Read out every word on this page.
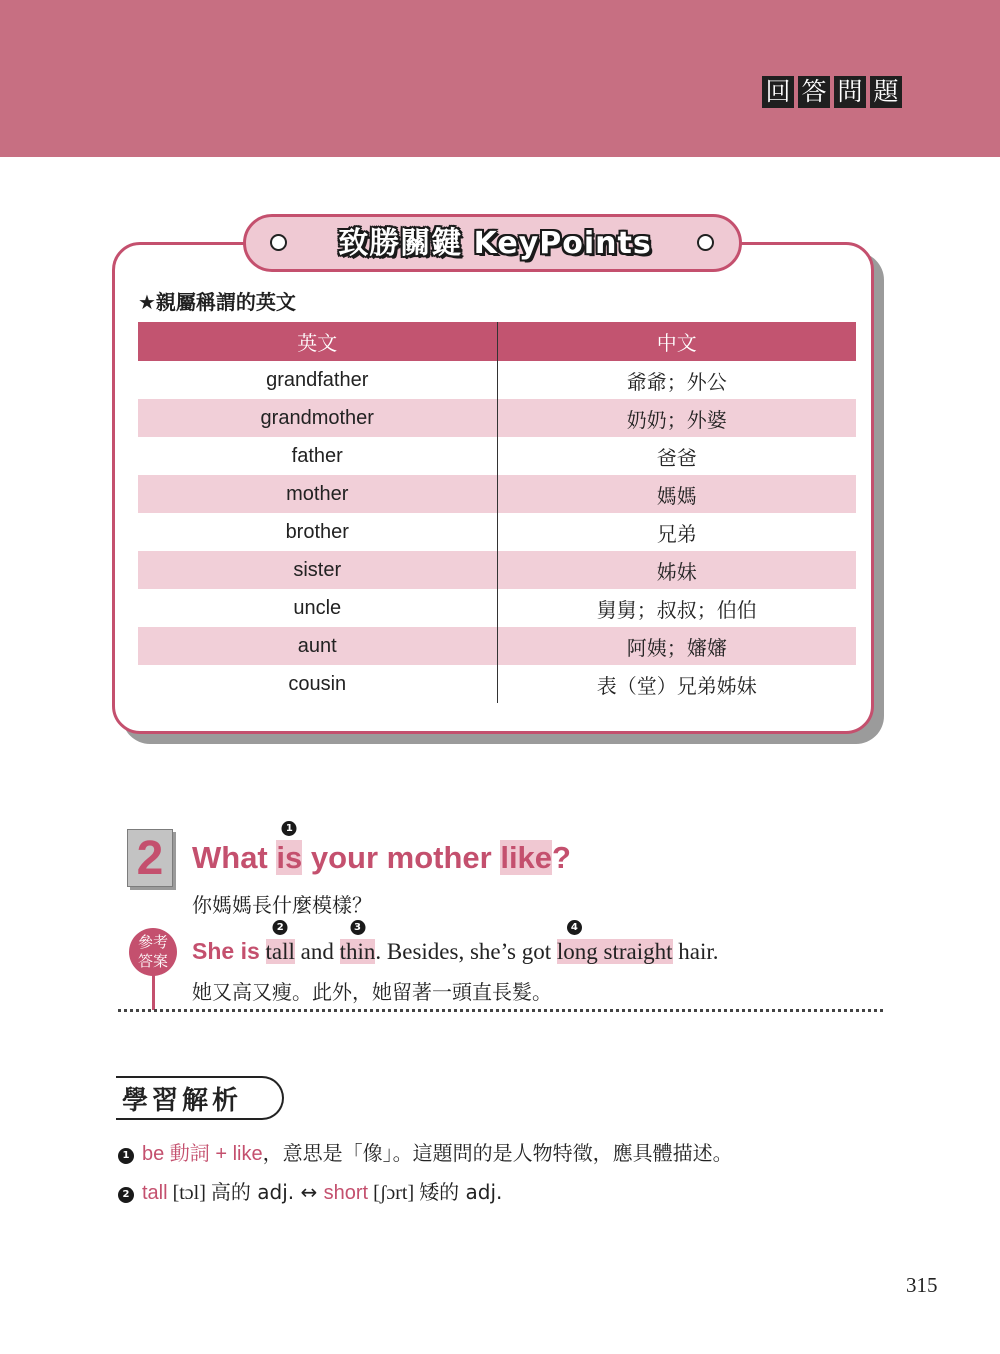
回 答 問 題
致勝關鍵 KeyPoints
★親屬稱謂的英文
英文	中文
grandfather	爺爺；外公
grandmother	奶奶；外婆
father	爸爸
mother	媽媽
brother	兄弟
sister	姊妹
uncle	舅舅；叔叔；伯伯
aunt	阿姨；嬸嬸
cousin	表（堂）兄弟姊妹
2 What
1
is your mother like?
你媽媽長什麼模樣？
參考
答案	She is
2
tall and
3
thin. Besides, she’s got
4
long straight hair.
她又高又瘦。此外，她留著一頭直長髮。
學習解析
1 be 動詞 + like，意思是「像」。這題問的是人物特徵，應具體描述。
2 tall [tɔl] 高的 adj. ↔ short [ʃɔrt] 矮的 adj.
315
